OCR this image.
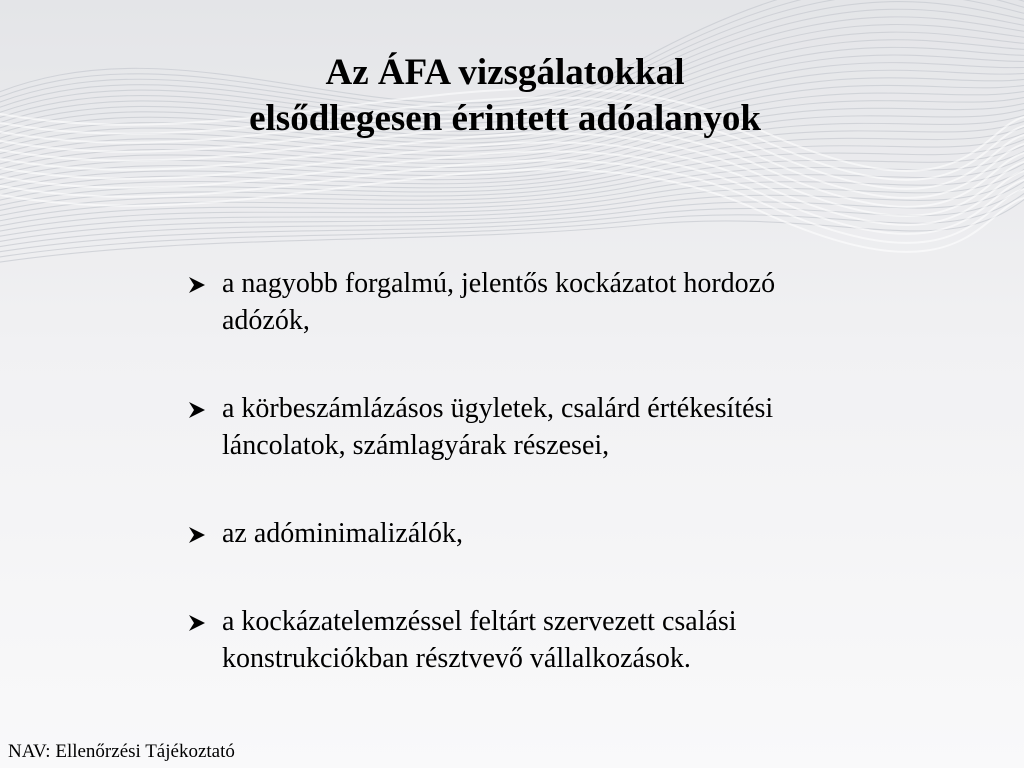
Az ÁFA vizsgálatokkal
elsődlegesen érintett adóalanyok
a nagyobb forgalmú, jelentős kockázatot hordozó
adózók,
a körbeszámlázásos ügyletek, csalárd értékesítési
láncolatok, számlagyárak részesei,
az adóminimalizálók,
a kockázatelemzéssel feltárt szervezett csalási
konstrukciókban résztvevő vállalkozások.
NAV: Ellenőrzési Tájékoztató
